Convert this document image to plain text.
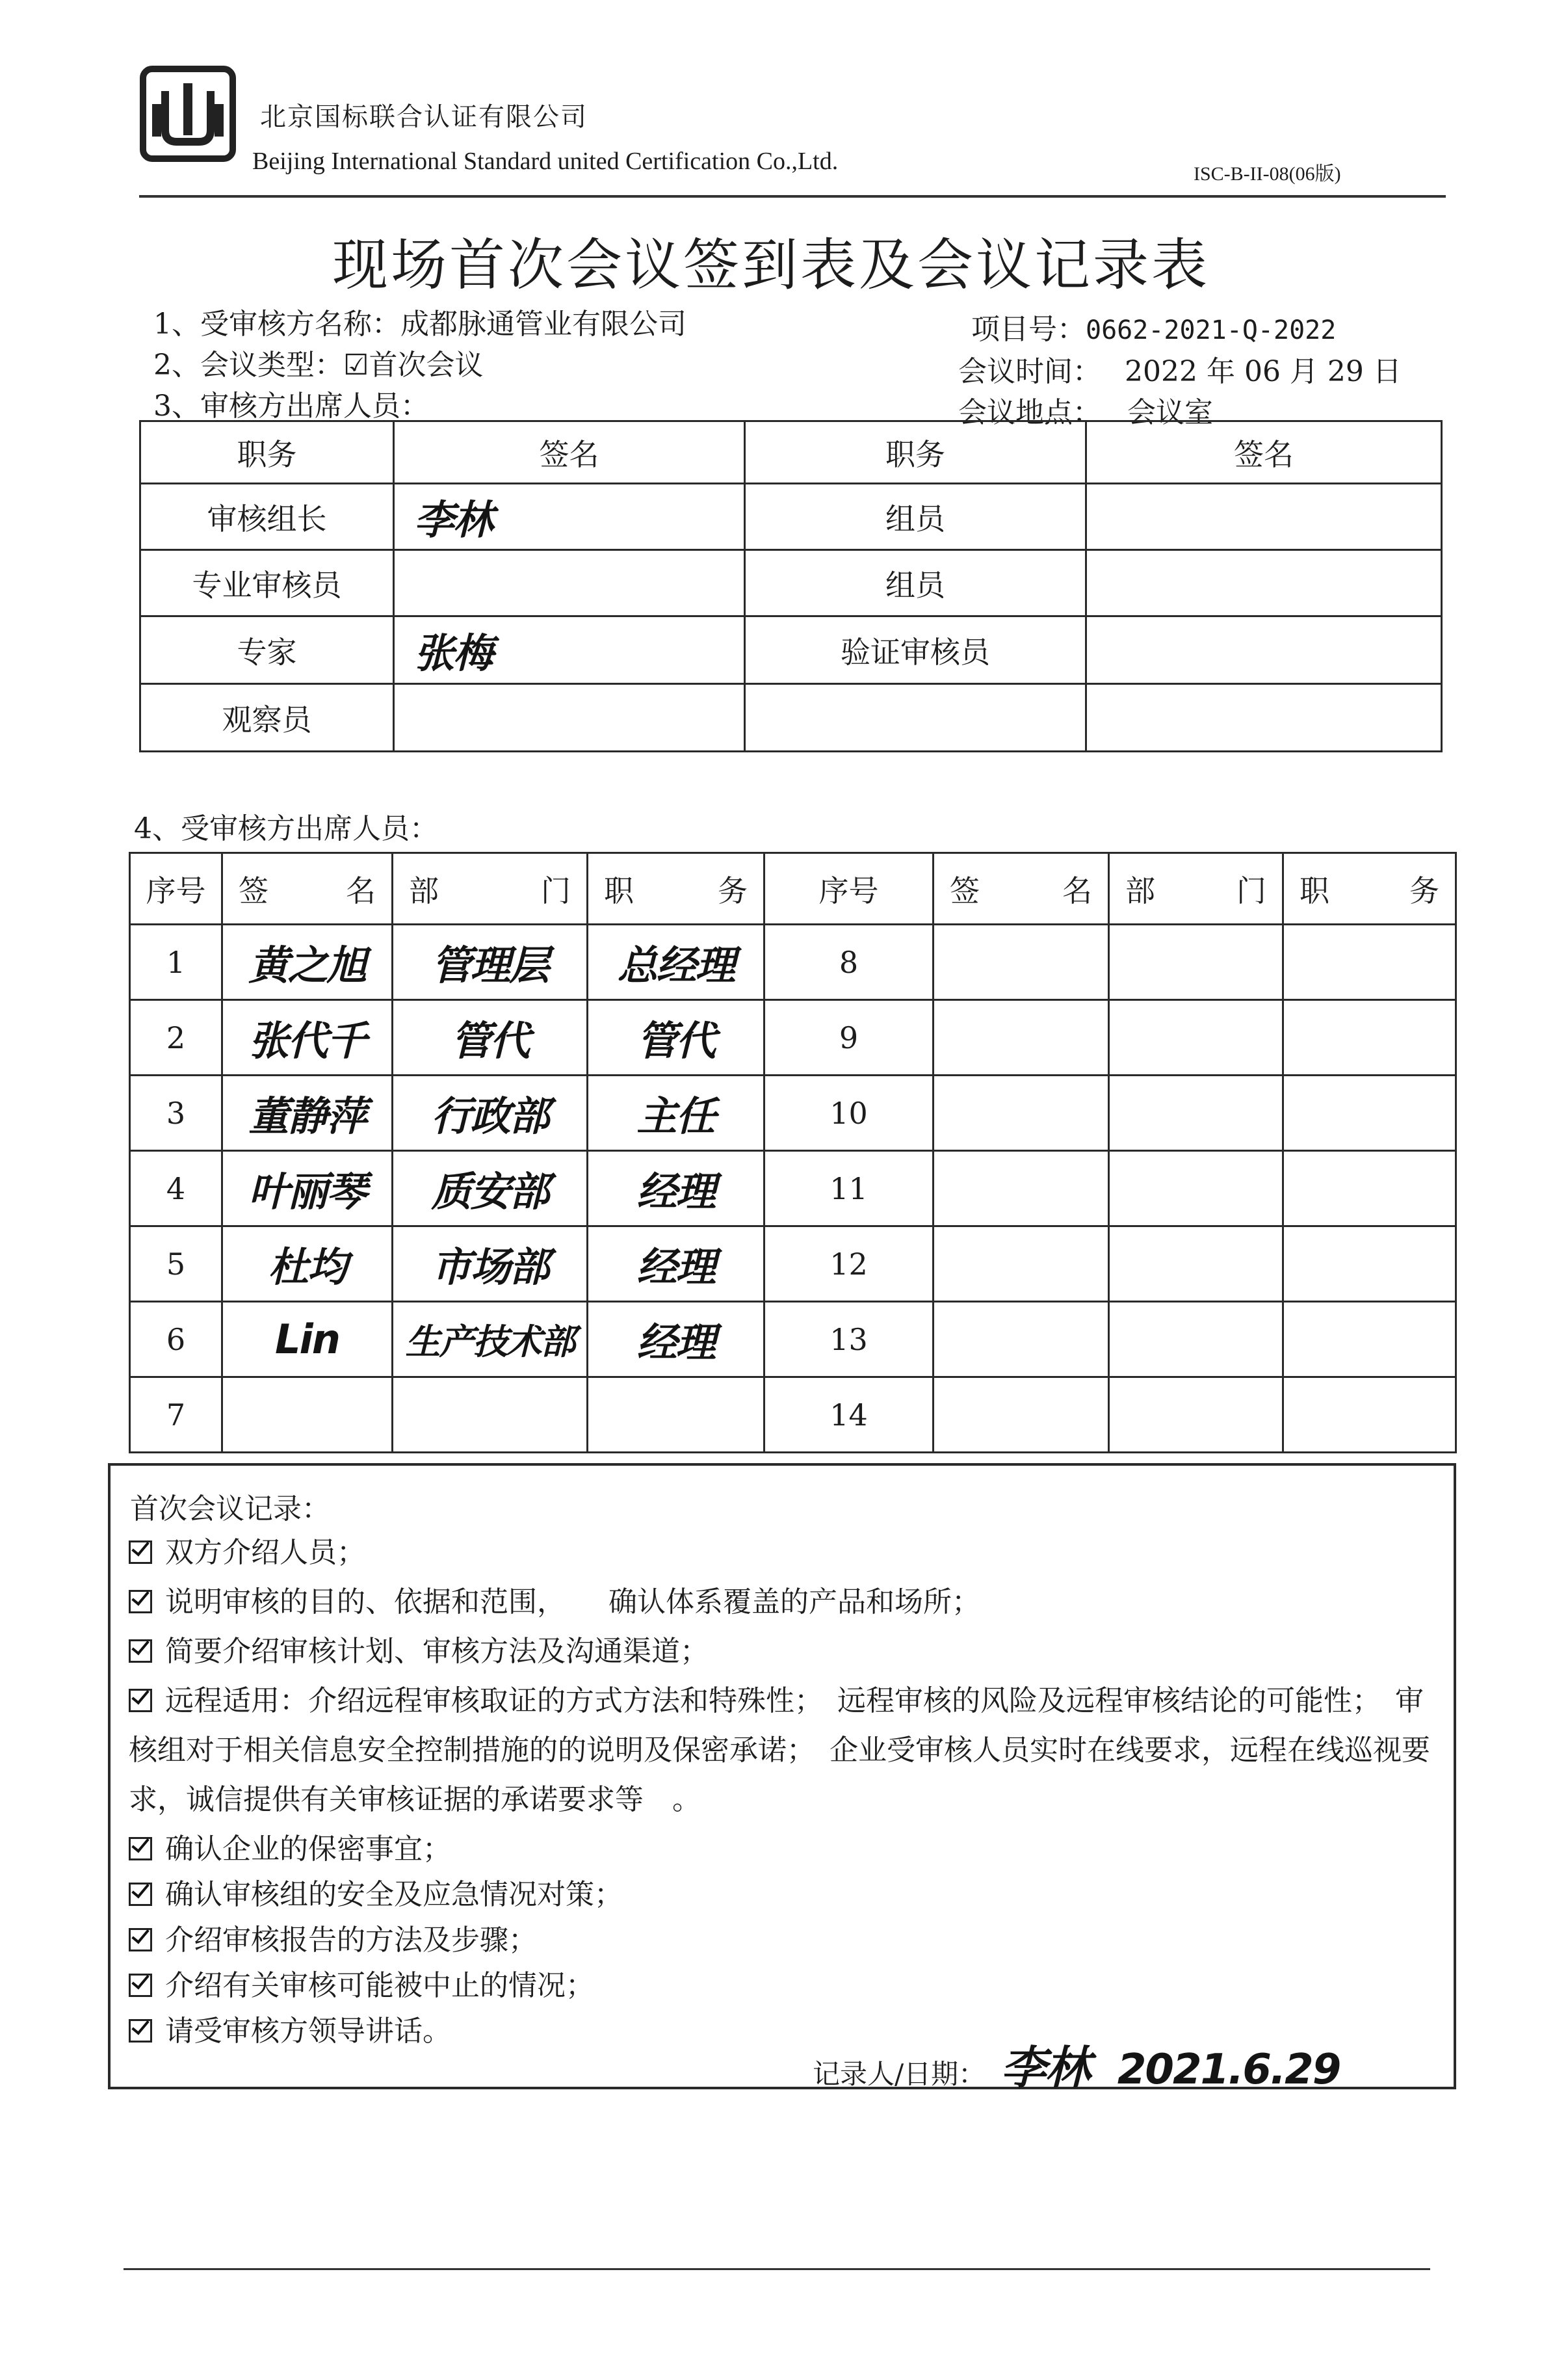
北京国标联合认证有限公司
Beijing International Standard united Certification Co.,Ltd.	ISC-B-II-08(06版)
现场首次会议签到表及会议记录表
1、受审核方名称：成都脉通管业有限公司
2、会议类型：☑首次会议
3、审核方出席人员：
项目号：0662-2021-Q-2022
会议时间： 2022 年 06 月 29 日
会议地点： 会议室
职务	签名	职务	签名
审核组长	李林	组员	
专业审核员		组员	
专家	张梅	验证审核员	
观察员			
4、受审核方出席人员：
序号	签 名	部 门	职 务	序号	签 名	部 门	职 务

1	黄之旭	管理层	总经理	8			
2	张代千	管代	管代	9			
3	董静萍	行政部	主任	10			
4	叶丽琴	质安部	经理	11			
5	杜均	市场部	经理	12			
6	Lin	生产技术部	经理	13			
7				14			
首次会议记录：
双方介绍人员；
说明审核的目的、依据和范围，　　确认体系覆盖的产品和场所；
简要介绍审核计划、审核方法及沟通渠道；
远程适用：介绍远程审核取证的方式方法和特殊性；　远程审核的风险及远程审核结论的可能性；　审核组对于相关信息安全控制措施的的说明及保密承诺；　企业受审核人员实时在线要求，远程在线巡视要求，诚信提供有关审核证据的承诺要求等　。
确认企业的保密事宜；
确认审核组的安全及应急情况对策；
介绍审核报告的方法及步骤；
介绍有关审核可能被中止的情况；
请受审核方领导讲话。
记录人/日期： 李林 2021.6.29
